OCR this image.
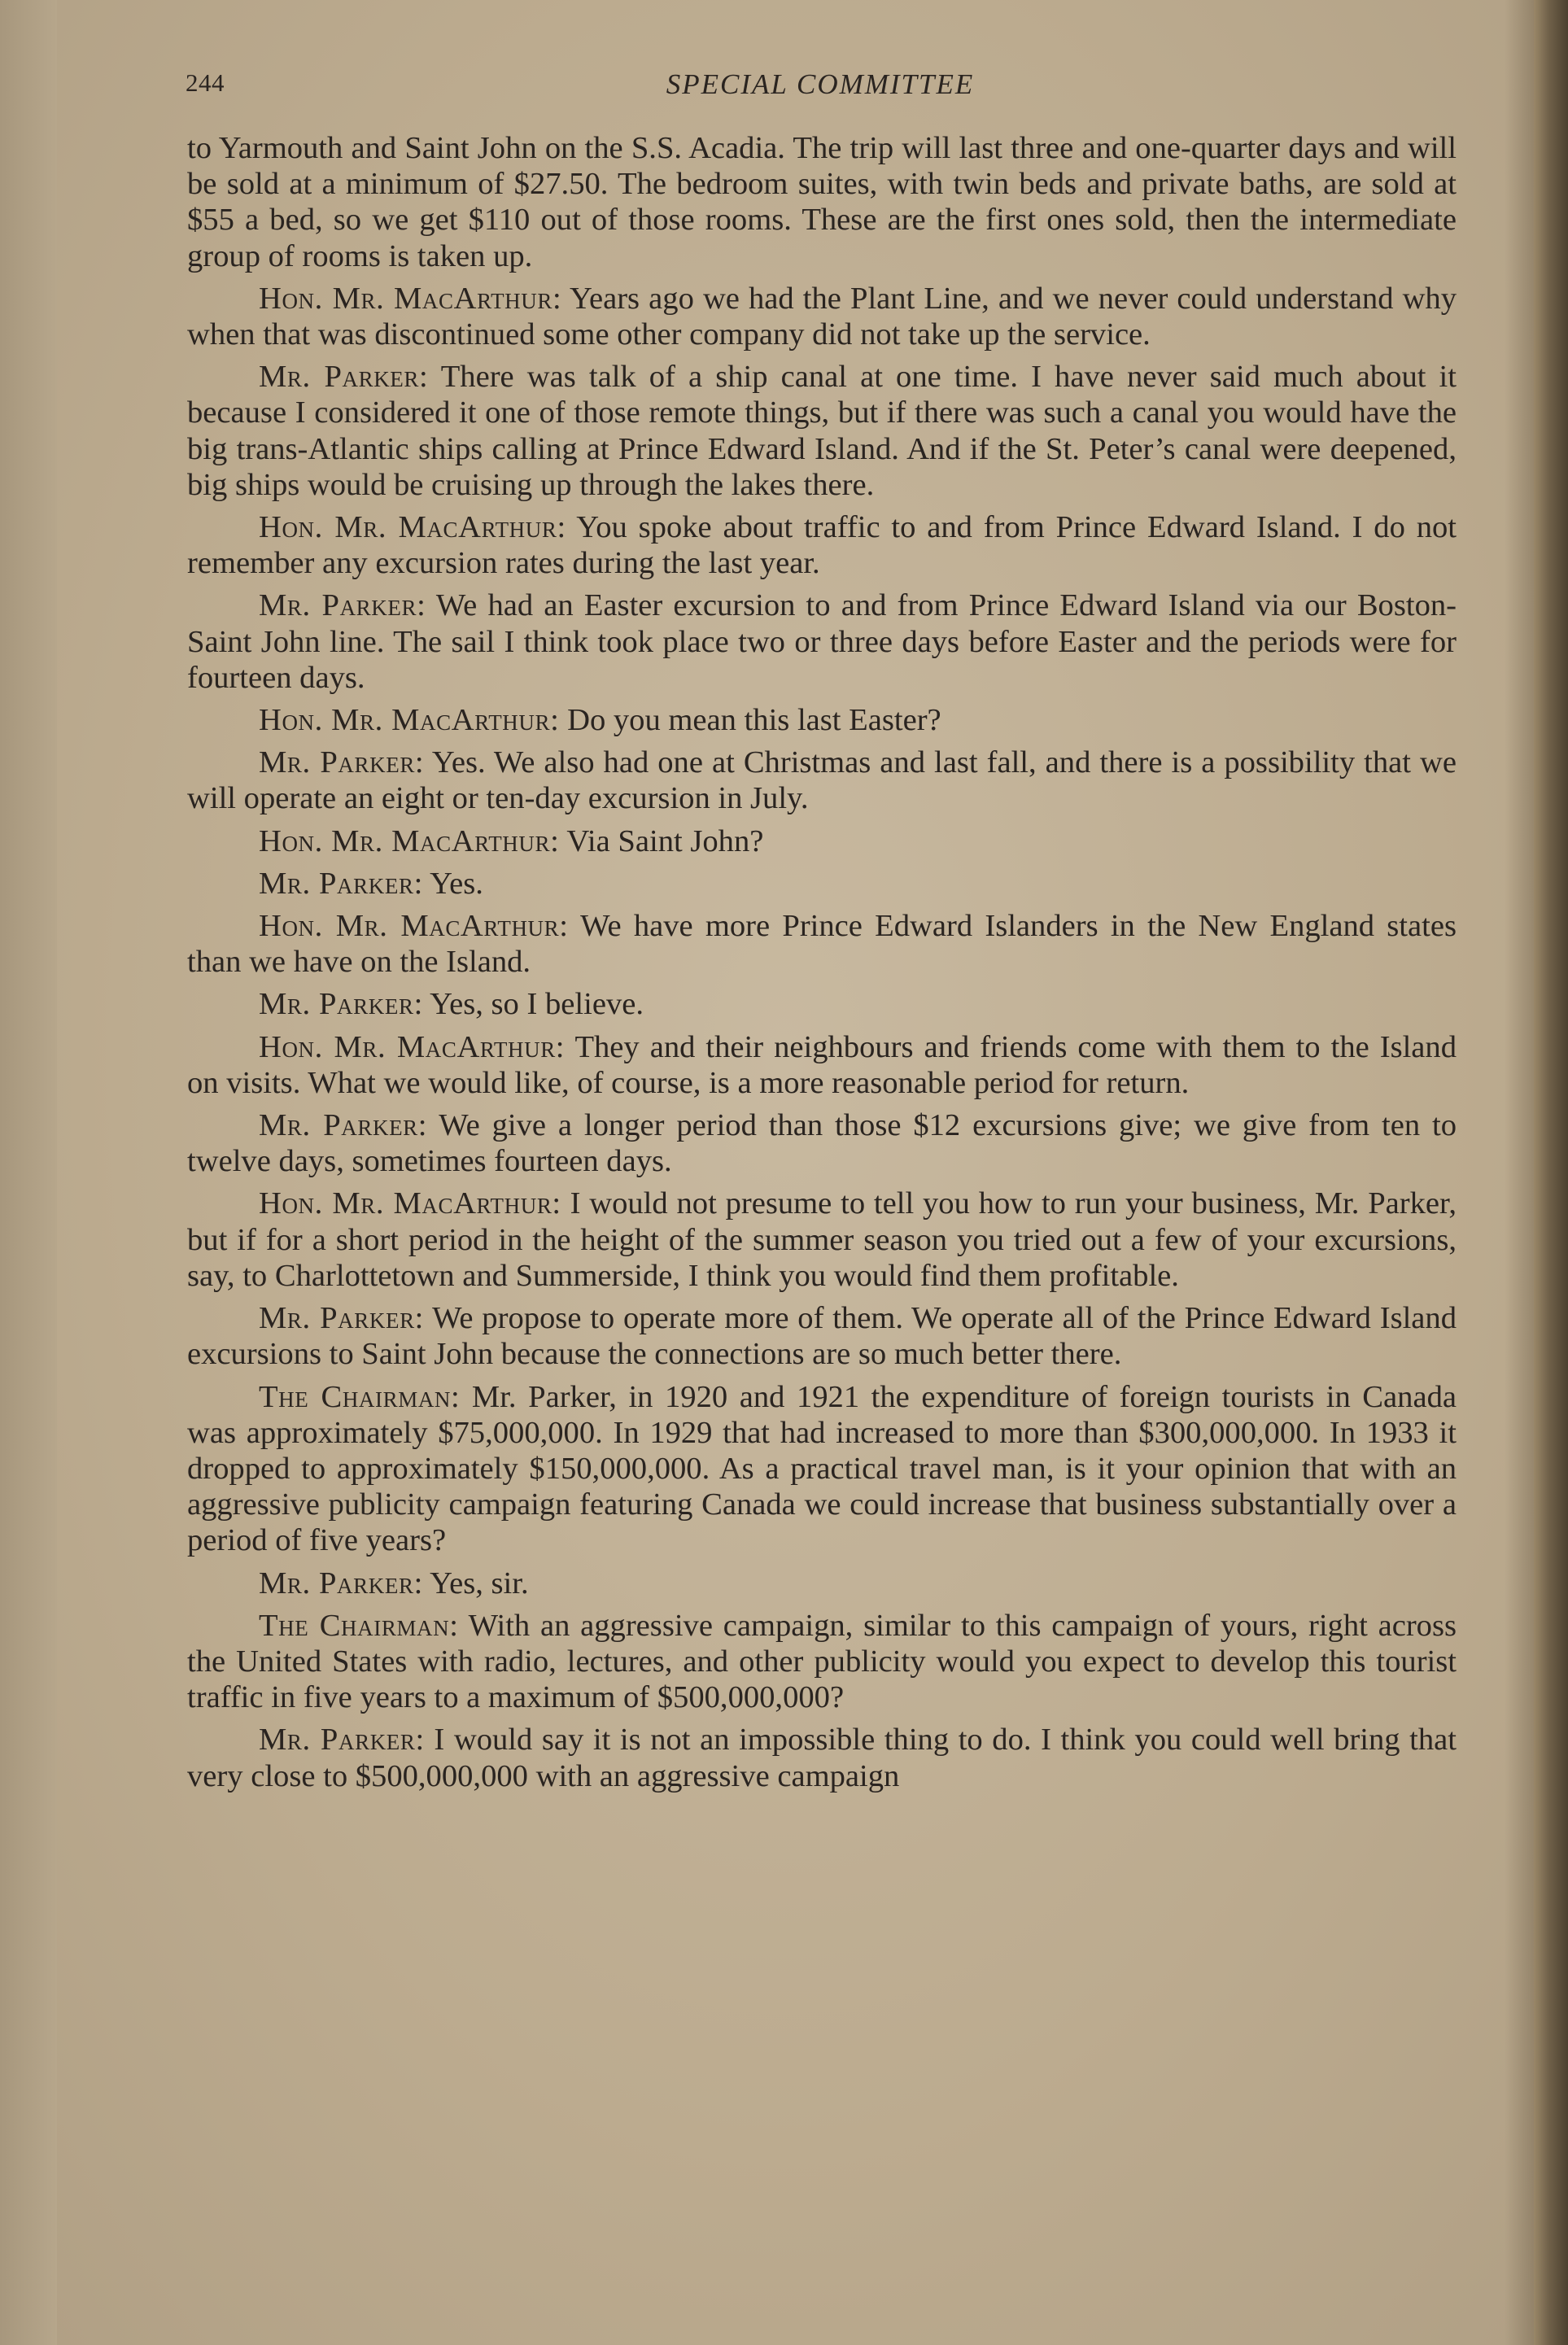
244	SPECIAL COMMITTEE

to Yarmouth and Saint John on the S.S. Acadia. The trip will last three and one-quarter days and will be sold at a minimum of $27.50. The bedroom suites, with twin beds and private baths, are sold at $55 a bed, so we get $110 out of those rooms. These are the first ones sold, then the intermediate group of rooms is taken up.

Hon. Mr. MacArthur: Years ago we had the Plant Line, and we never could understand why when that was discontinued some other company did not take up the service.

Mr. Parker: There was talk of a ship canal at one time. I have never said much about it because I considered it one of those remote things, but if there was such a canal you would have the big trans-Atlantic ships calling at Prince Edward Island. And if the St. Peter’s canal were deepened, big ships would be cruising up through the lakes there.

Hon. Mr. MacArthur: You spoke about traffic to and from Prince Edward Island. I do not remember any excursion rates during the last year.

Mr. Parker: We had an Easter excursion to and from Prince Edward Island via our Boston-Saint John line. The sail I think took place two or three days before Easter and the periods were for fourteen days.

Hon. Mr. MacArthur: Do you mean this last Easter?

Mr. Parker: Yes. We also had one at Christmas and last fall, and there is a possibility that we will operate an eight or ten-day excursion in July.

Hon. Mr. MacArthur: Via Saint John?

Mr. Parker: Yes.

Hon. Mr. MacArthur: We have more Prince Edward Islanders in the New England states than we have on the Island.

Mr. Parker: Yes, so I believe.

Hon. Mr. MacArthur: They and their neighbours and friends come with them to the Island on visits. What we would like, of course, is a more reasonable period for return.

Mr. Parker: We give a longer period than those $12 excursions give; we give from ten to twelve days, sometimes fourteen days.

Hon. Mr. MacArthur: I would not presume to tell you how to run your business, Mr. Parker, but if for a short period in the height of the summer season you tried out a few of your excursions, say, to Charlottetown and Summerside, I think you would find them profitable.

Mr. Parker: We propose to operate more of them. We operate all of the Prince Edward Island excursions to Saint John because the connections are so much better there.

The Chairman: Mr. Parker, in 1920 and 1921 the expenditure of foreign tourists in Canada was approximately $75,000,000. In 1929 that had increased to more than $300,000,000. In 1933 it dropped to approximately $150,000,000. As a practical travel man, is it your opinion that with an aggressive publicity campaign featuring Canada we could increase that business substantially over a period of five years?

Mr. Parker: Yes, sir.

The Chairman: With an aggressive campaign, similar to this campaign of yours, right across the United States with radio, lectures, and other publicity would you expect to develop this tourist traffic in five years to a maximum of $500,000,000?

Mr. Parker: I would say it is not an impossible thing to do. I think you could well bring that very close to $500,000,000 with an aggressive campaign
